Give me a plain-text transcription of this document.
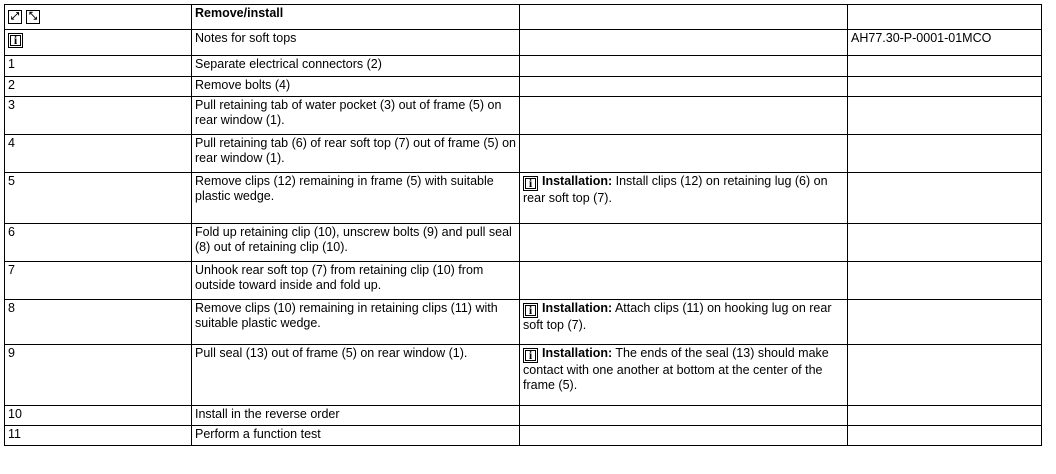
⤢ ⤡	Remove/install		
i	Notes for soft tops		AH77.30-P-0001-01MCO
1	Separate electrical connectors (2)		
2	Remove bolts (4)		
3	Pull retaining tab of water pocket (3) out of frame (5) on rear window (1).		
4	Pull retaining tab (6) of rear soft top (7) out of frame (5) on rear window (1).		
5	Remove clips (12) remaining in frame (5) with suitable plastic wedge.	i Installation: Install clips (12) on retaining lug (6) on rear soft top (7).	
6	Fold up retaining clip (10), unscrew bolts (9) and pull seal (8) out of retaining clip (10).		
7	Unhook rear soft top (7) from retaining clip (10) from outside toward inside and fold up.		
8	Remove clips (10) remaining in retaining clips (11) with suitable plastic wedge.	i Installation: Attach clips (11) on hooking lug on rear soft top (7).	
9	Pull seal (13) out of frame (5) on rear window (1).	i Installation: The ends of the seal (13) should make contact with one another at bottom at the center of the frame (5).	
10	Install in the reverse order		
11	Perform a function test		
